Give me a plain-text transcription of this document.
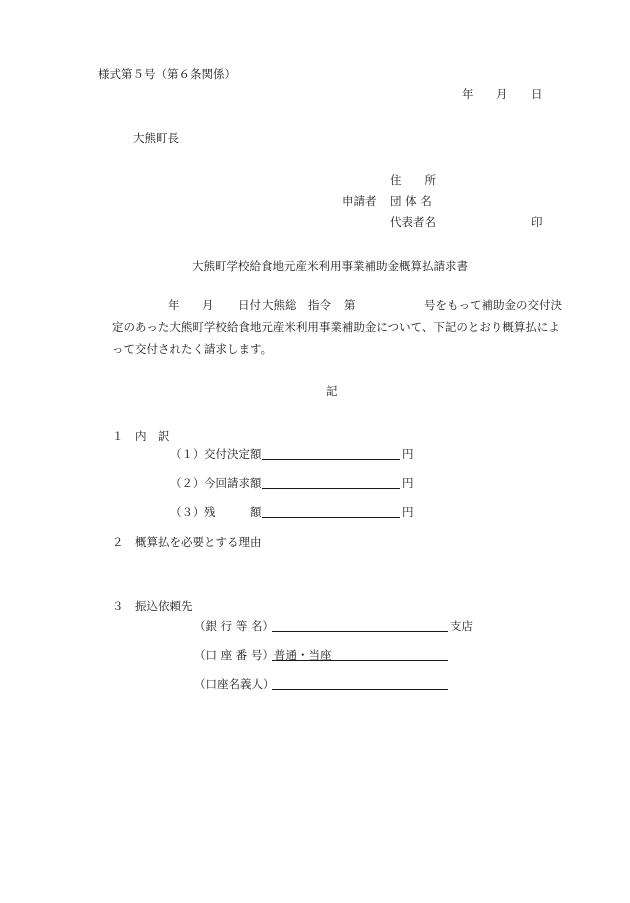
様式第５号（第６条関係）
年 月 日
大熊町長
住　　所
申請者 団 体 名
代表者名	印
大熊町学校給食地元産米利用事業補助金概算払請求書
年 月 日付 大熊総 指令 第	号をもって補助金の交付決
定のあった大熊町学校給食地元産米利用事業補助金について、下記のとおり概算払によ
って交付されたく請求します。
記
１　内　訳
（１） 交付決定額	円
（２） 今回請求額	円
（３） 残　　　額	円
２　概算払を必要とする理由
３　振込依頼先
（銀 行 等 名）	支店
（口 座 番 号） 普通・当座
（口座名義人）
